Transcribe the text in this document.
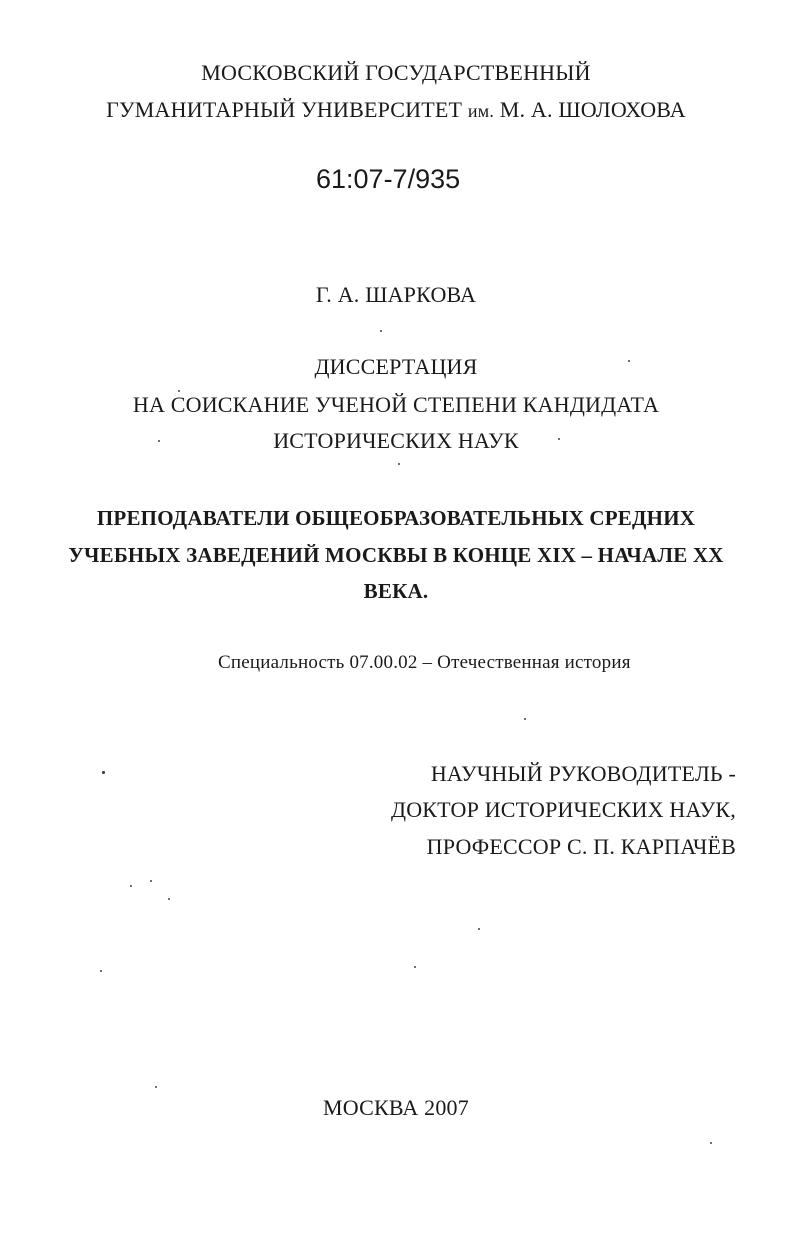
МОСКОВСКИЙ ГОСУДАРСТВЕННЫЙ
ГУМАНИТАРНЫЙ УНИВЕРСИТЕТ им. М. А. ШОЛОХОВА
61:07-7/935
Г. А. ШАРКОВА
ДИССЕРТАЦИЯ
НА СОИСКАНИЕ УЧЕНОЙ СТЕПЕНИ КАНДИДАТА
ИСТОРИЧЕСКИХ НАУК
ПРЕПОДАВАТЕЛИ ОБЩЕОБРАЗОВАТЕЛЬНЫХ СРЕДНИХ
УЧЕБНЫХ ЗАВЕДЕНИЙ МОСКВЫ В КОНЦЕ XIX – НАЧАЛЕ XX
ВЕКА.
Специальность 07.00.02 – Отечественная история
НАУЧНЫЙ РУКОВОДИТЕЛЬ -
ДОКТОР ИСТОРИЧЕСКИХ НАУК,
ПРОФЕССОР С. П. КАРПАЧЁВ
МОСКВА 2007
